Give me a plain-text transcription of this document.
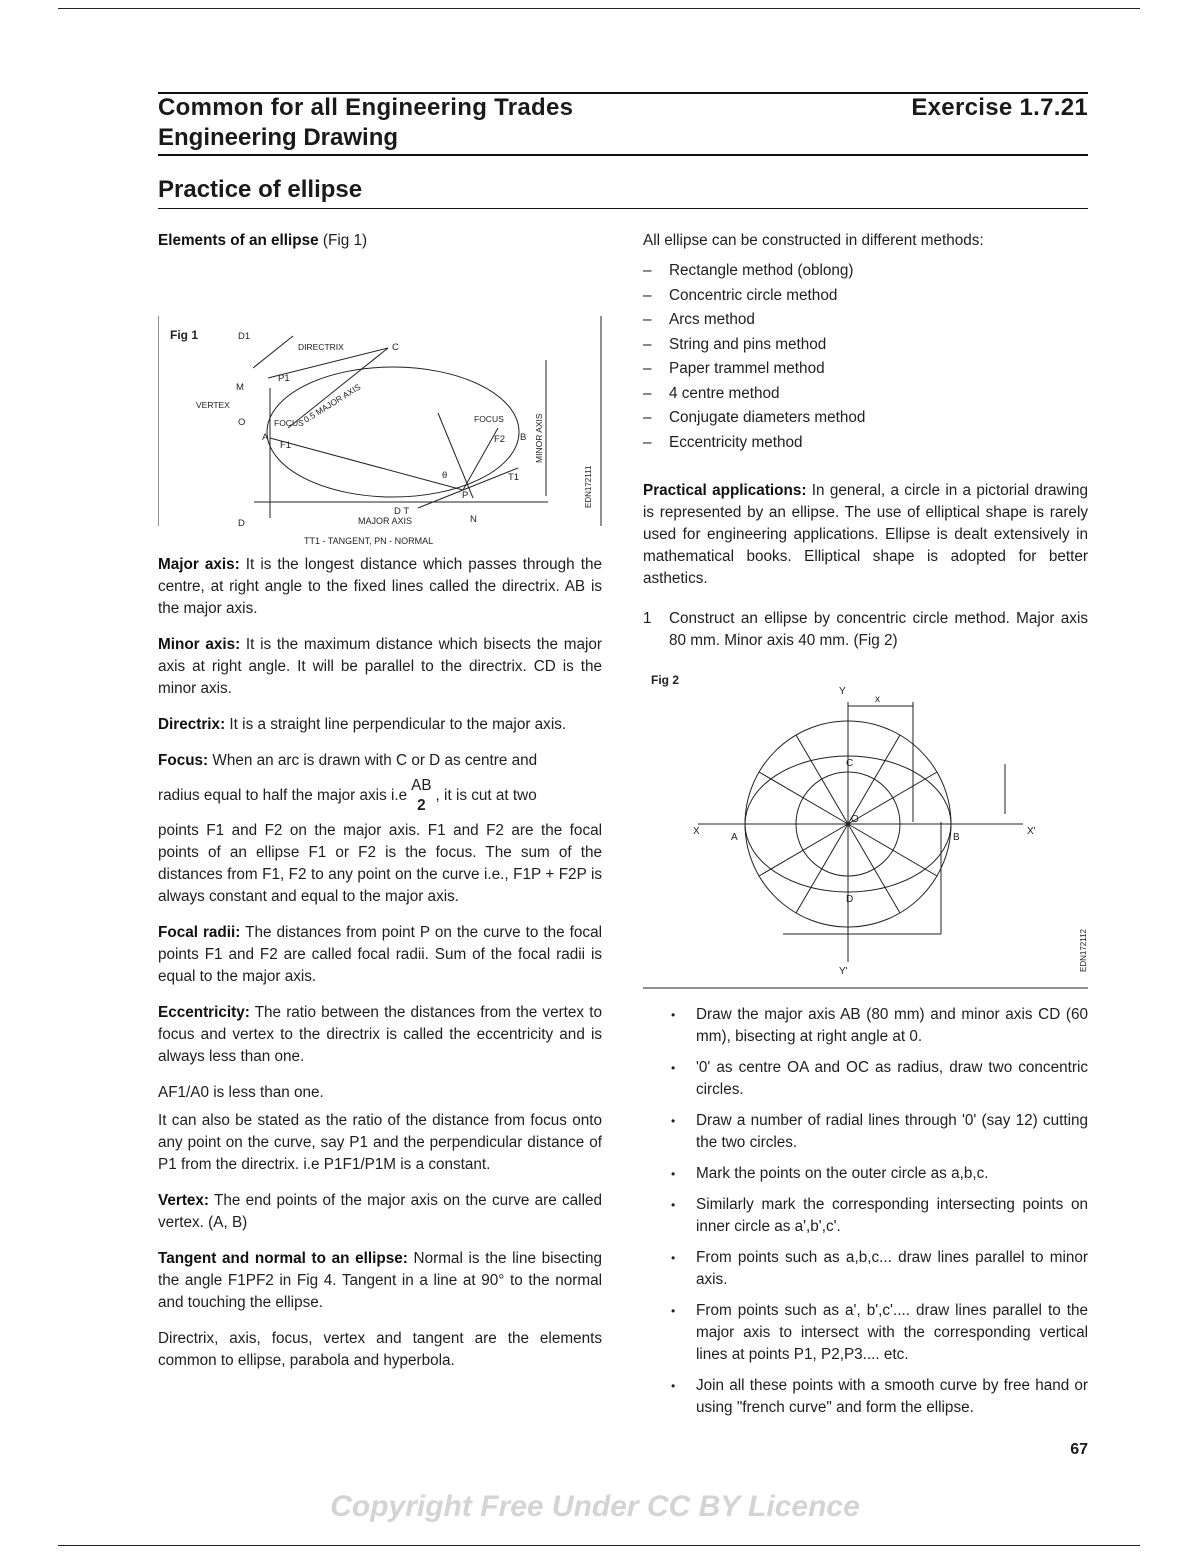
Common for all Engineering Trades	Exercise 1.7.21
Engineering Drawing
Practice of ellipse
Elements of an ellipse (Fig 1)
Fig 1	D1
DIRECTRIX	C
M
P1
VERTEX
O
A
FOCUS
F1
0.5 MAJOR AXIS	FOCUS
F2 B MINOR AXIS
θ	T1
P
D T
N
D	MAJOR AXIS
TT1 - TANGENT, PN - NORMAL
EDN172111

Major axis: It is the longest distance which passes through the centre, at right angle to the fixed lines called the directrix. AB is the major axis.

Minor axis: It is the maximum distance which bisects the major axis at right angle. It will be parallel to the directrix. CD is the minor axis.

Directrix: It is a straight line perpendicular to the major axis.

Focus: When an arc is drawn with C or D as centre and

radius equal to half the major axis i.e
AB
2
, it is cut at two

points F1 and F2 on the major axis. F1 and F2 are the focal points of an ellipse F1 or F2 is the focus. The sum of the distances from F1, F2 to any point on the curve i.e., F1P + F2P is always constant and equal to the major axis.

Focal radii: The distances from point P on the curve to the focal points F1 and F2 are called focal radii. Sum of the focal radii is equal to the major axis.

Eccentricity: The ratio between the distances from the vertex to focus and vertex to the directrix is called the eccentricity and is always less than one.

AF1/A0 is less than one.

It can also be stated as the ratio of the distance from focus onto any point on the curve, say P1 and the perpendicular distance of P1 from the directrix. i.e P1F1/P1M is a constant.

Vertex: The end points of the major axis on the curve are called vertex. (A, B)

Tangent and normal to an ellipse: Normal is the line bisecting the angle F1PF2 in Fig 4. Tangent in a line at 90° to the normal and touching the ellipse.

Directrix, axis, focus, vertex and tangent are the elements common to ellipse, parabola and hyperbola.

All ellipse can be constructed in different methods:

– Rectangle method (oblong)
– Concentric circle method
– Arcs method
– String and pins method
– Paper trammel method
– 4 centre method
– Conjugate diameters method
– Eccentricity method

Practical applications: In general, a circle in a pictorial drawing is represented by an ellipse. The use of elliptical shape is rarely used for engineering applications. Ellipse is dealt extensively in mathematical books. Elliptical shape is adopted for better asthetics.

1 Construct an ellipse by concentric circle method. Major axis 80 mm. Minor axis 40 mm. (Fig 2)
Fig 2
Y
Y'
X	X'
x
A	B
C
D
O
EDN172112
• Draw the major axis AB (80 mm) and minor axis CD (60 mm), bisecting at right angle at 0.
• '0' as centre OA and OC as radius, draw two concentric circles.
• Draw a number of radial lines through '0' (say 12) cutting the two circles.
• Mark the points on the outer circle as a,b,c.
• Similarly mark the corresponding intersecting points on inner circle as a',b',c'.
• From points such as a,b,c... draw lines parallel to minor axis.
• From points such as a', b',c'.... draw lines parallel to the major axis to intersect with the corresponding vertical lines at points P1, P2,P3.... etc.
• Join all these points with a smooth curve by free hand or using "french curve" and form the ellipse.
67
Copyright Free Under CC BY Licence
